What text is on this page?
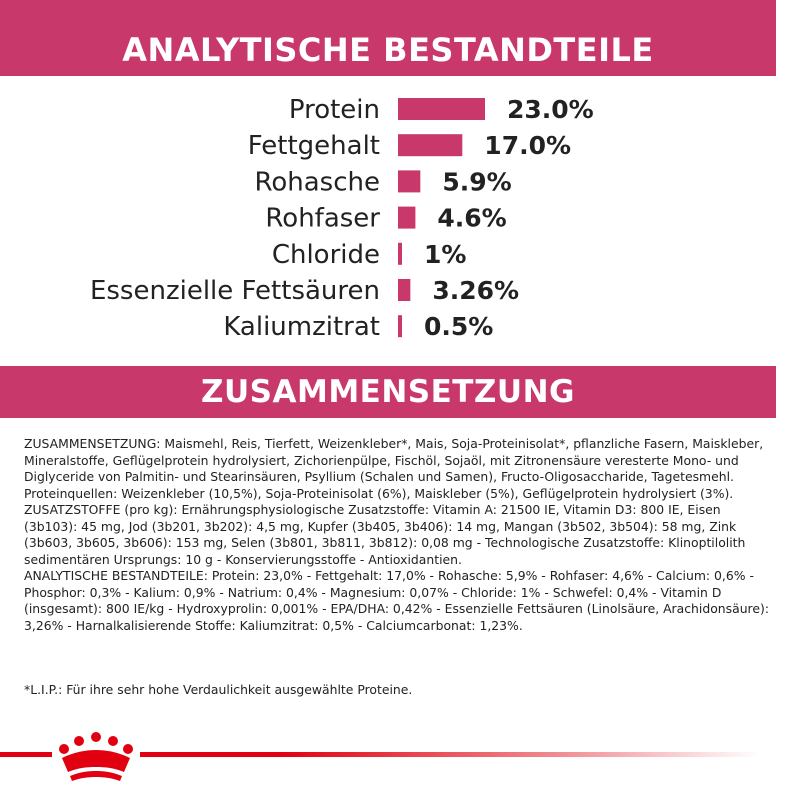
ANALYTISCHE BESTANDTEILE
Protein	23.0%
Fettgehalt	17.0%
Rohasche 5.9%
Rohfaser 4.6%
Chloride 1%
Essenzielle Fettsäuren 3.26%
Kaliumzitrat 0.5%
ZUSAMMENSETZUNG

ZUSAMMENSETZUNG: Maismehl, Reis, Tierfett, Weizenkleber*, Mais, Soja-Proteinisolat*, pflanzliche Fasern, Maiskleber, Mineralstoffe, Geflügelprotein hydrolysiert, Zichorienpülpe, Fischöl, Sojaöl, mit Zitronensäure veresterte Mono- und Diglyceride von Palmitin- und Stearinsäuren, Psyllium (Schalen und Samen), Fructo-Oligosaccharide, Tagetesmehl. Proteinquellen: Weizenkleber (10,5%), Soja-Proteinisolat (6%), Maiskleber (5%), Geflügelprotein hydrolysiert (3%).

ZUSATZSTOFFE (pro kg): Ernährungsphysiologische Zusatzstoffe: Vitamin A: 21500 IE, Vitamin D3: 800 IE, Eisen (3b103): 45 mg, Jod (3b201, 3b202): 4,5 mg, Kupfer (3b405, 3b406): 14 mg, Mangan (3b502, 3b504): 58 mg, Zink (3b603, 3b605, 3b606): 153 mg, Selen (3b801, 3b811, 3b812): 0,08 mg - Technologische Zusatzstoffe: Klinoptilolith sedimentären Ursprungs: 10 g - Konservierungsstoffe - Antioxidantien.

ANALYTISCHE BESTANDTEILE: Protein: 23,0% - Fettgehalt: 17,0% - Rohasche: 5,9% - Rohfaser: 4,6% - Calcium: 0,6% - Phosphor: 0,3% - Kalium: 0,9% - Natrium: 0,4% - Magnesium: 0,07% - Chloride: 1% - Schwefel: 0,4% - Vitamin D (insgesamt): 800 IE/kg - Hydroxyprolin: 0,001% - EPA/DHA: 0,42% - Essenzielle Fettsäuren (Linolsäure, Arachidonsäure): 3,26% - Harnalkalisierende Stoffe: Kaliumzitrat: 0,5% - Calciumcarbonat: 1,23%.

*L.I.P.: Für ihre sehr hohe Verdaulichkeit ausgewählte Proteine.
